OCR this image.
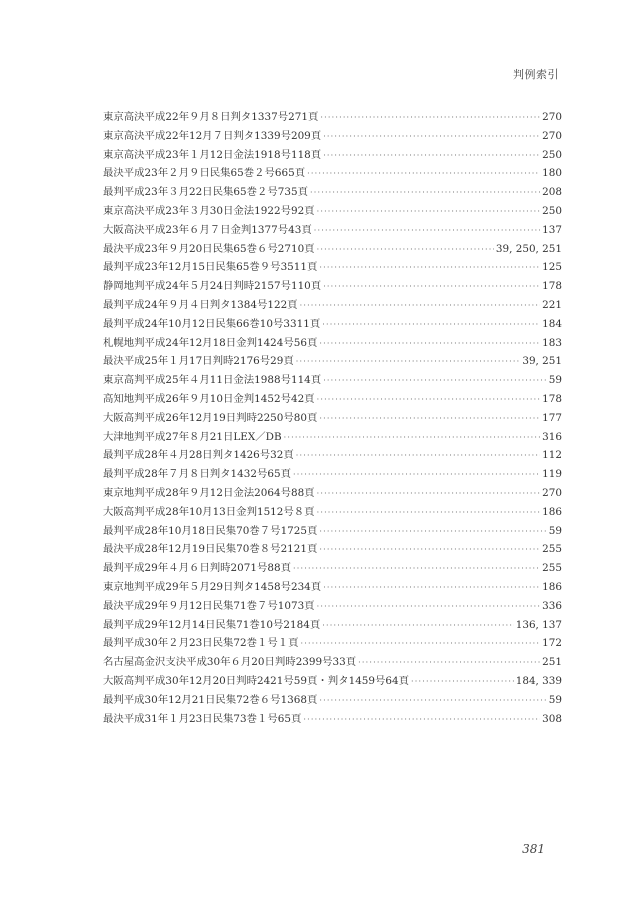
判例索引
東京高決平成22年９月８日判タ1337号271頁 ·····	270
東京高決平成22年12月７日判タ1339号209頁 ·····	270
東京高決平成23年１月12日金法1918号118頁 ·····	250
最決平成23年２月９日民集65巻２号665頁 ·····	180
最判平成23年３月22日民集65巻２号735頁 ·····	208
東京高決平成23年３月30日金法1922号92頁 ·····	250
大阪高決平成23年６月７日金判1377号43頁 ·····	137
最決平成23年９月20日民集65巻６号2710頁 ·····	39, 250, 251
最判平成23年12月15日民集65巻９号3511頁 ·····	125
静岡地判平成24年５月24日判時2157号110頁 ·····	178
最判平成24年９月４日判タ1384号122頁 ·····	221
最判平成24年10月12日民集66巻10号3311頁 ·····	184
札幌地判平成24年12月18日金判1424号56頁 ·····	183
最決平成25年１月17日判時2176号29頁 ·····	39, 251
東京高判平成25年４月11日金法1988号114頁 ·····	59
高知地判平成26年９月10日金判1452号42頁 ·····	178
大阪高判平成26年12月19日判時2250号80頁 ·····	177
大津地判平成27年８月21日LEX／DB ·····	316
最判平成28年４月28日判タ1426号32頁 ·····	112
最判平成28年７月８日判タ1432号65頁 ·····	119
東京地判平成28年９月12日金法2064号88頁 ·····	270
大阪高判平成28年10月13日金判1512号８頁 ·····	186
最判平成28年10月18日民集70巻７号1725頁 ·····	59
最決平成28年12月19日民集70巻８号2121頁 ·····	255
最判平成29年４月６日判時2071号88頁 ·····	255
東京地判平成29年５月29日判タ1458号234頁 ·····	186
最決平成29年９月12日民集71巻７号1073頁 ·····	336
最判平成29年12月14日民集71巻10号2184頁 ·····	136, 137
最判平成30年２月23日民集72巻１号１頁 ·····	172
名古屋高金沢支決平成30年６月20日判時2399号33頁 ·····	251
大阪高判平成30年12月20日判時2421号59頁・判タ1459号64頁 ·····	184, 339
最判平成30年12月21日民集72巻６号1368頁 ·····	59
最決平成31年１月23日民集73巻１号65頁 ·····	308
381
